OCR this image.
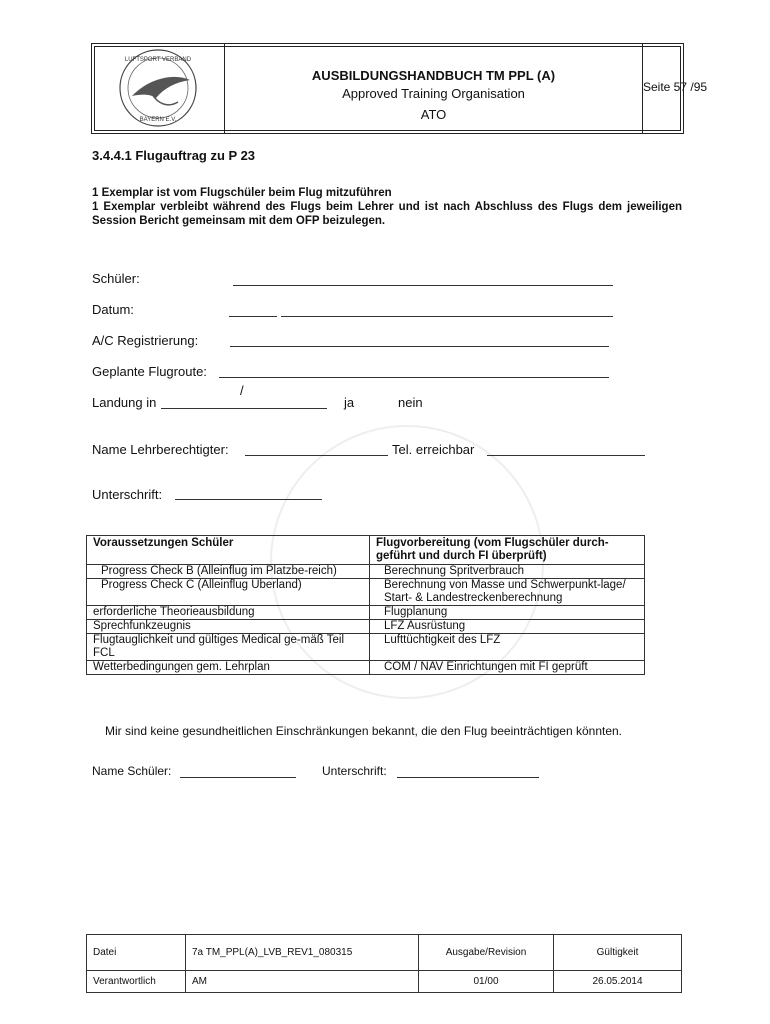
LUFTSPORT VERBAND
BAYERN E.V.
AUSBILDUNGSHANDBUCH TM PPL (A)
Approved Training Organisation
ATO
Seite 57 /95
3.4.4.1 Flugauftrag zu P 23
1 Exemplar ist vom Flugschüler beim Flug mitzuführen
1 Exemplar verbleibt während des Flugs beim Lehrer und ist nach Abschluss des Flugs dem jeweiligen Session Bericht gemeinsam mit dem OFP beizulegen.
Schüler:
Datum:
A/C Registrierung:
Geplante Flugroute:
Landung in
/
ja	nein
Name Lehrberechtigter:	Tel. erreichbar
Unterschrift:
Voraussetzungen Schüler	Flugvorbereitung (vom Flugschüler durch-geführt und durch FI überprüft)
Progress Check B (Alleinflug im Platzbe-reich)	Berechnung Spritverbrauch
Progress Check C (Alleinflug Überland)	Berechnung von Masse und Schwerpunkt-lage/ Start- & Landestreckenberechnung
erforderliche Theorieausbildung	Flugplanung
Sprechfunkzeugnis	LFZ Ausrüstung
Flugtauglichkeit und gültiges Medical ge-mäß Teil FCL	Lufttüchtigkeit des LFZ
Wetterbedingungen gem. Lehrplan	COM / NAV Einrichtungen mit FI geprüft
Mir sind keine gesundheitlichen Einschränkungen bekannt, die den Flug beeinträchtigen könnten.
Name Schüler:	Unterschrift:
Datei	7a TM_PPL(A)_LVB_REV1_080315	Ausgabe/Revision	Gültigkeit
Verantwortlich	AM	01/00	26.05.2014
